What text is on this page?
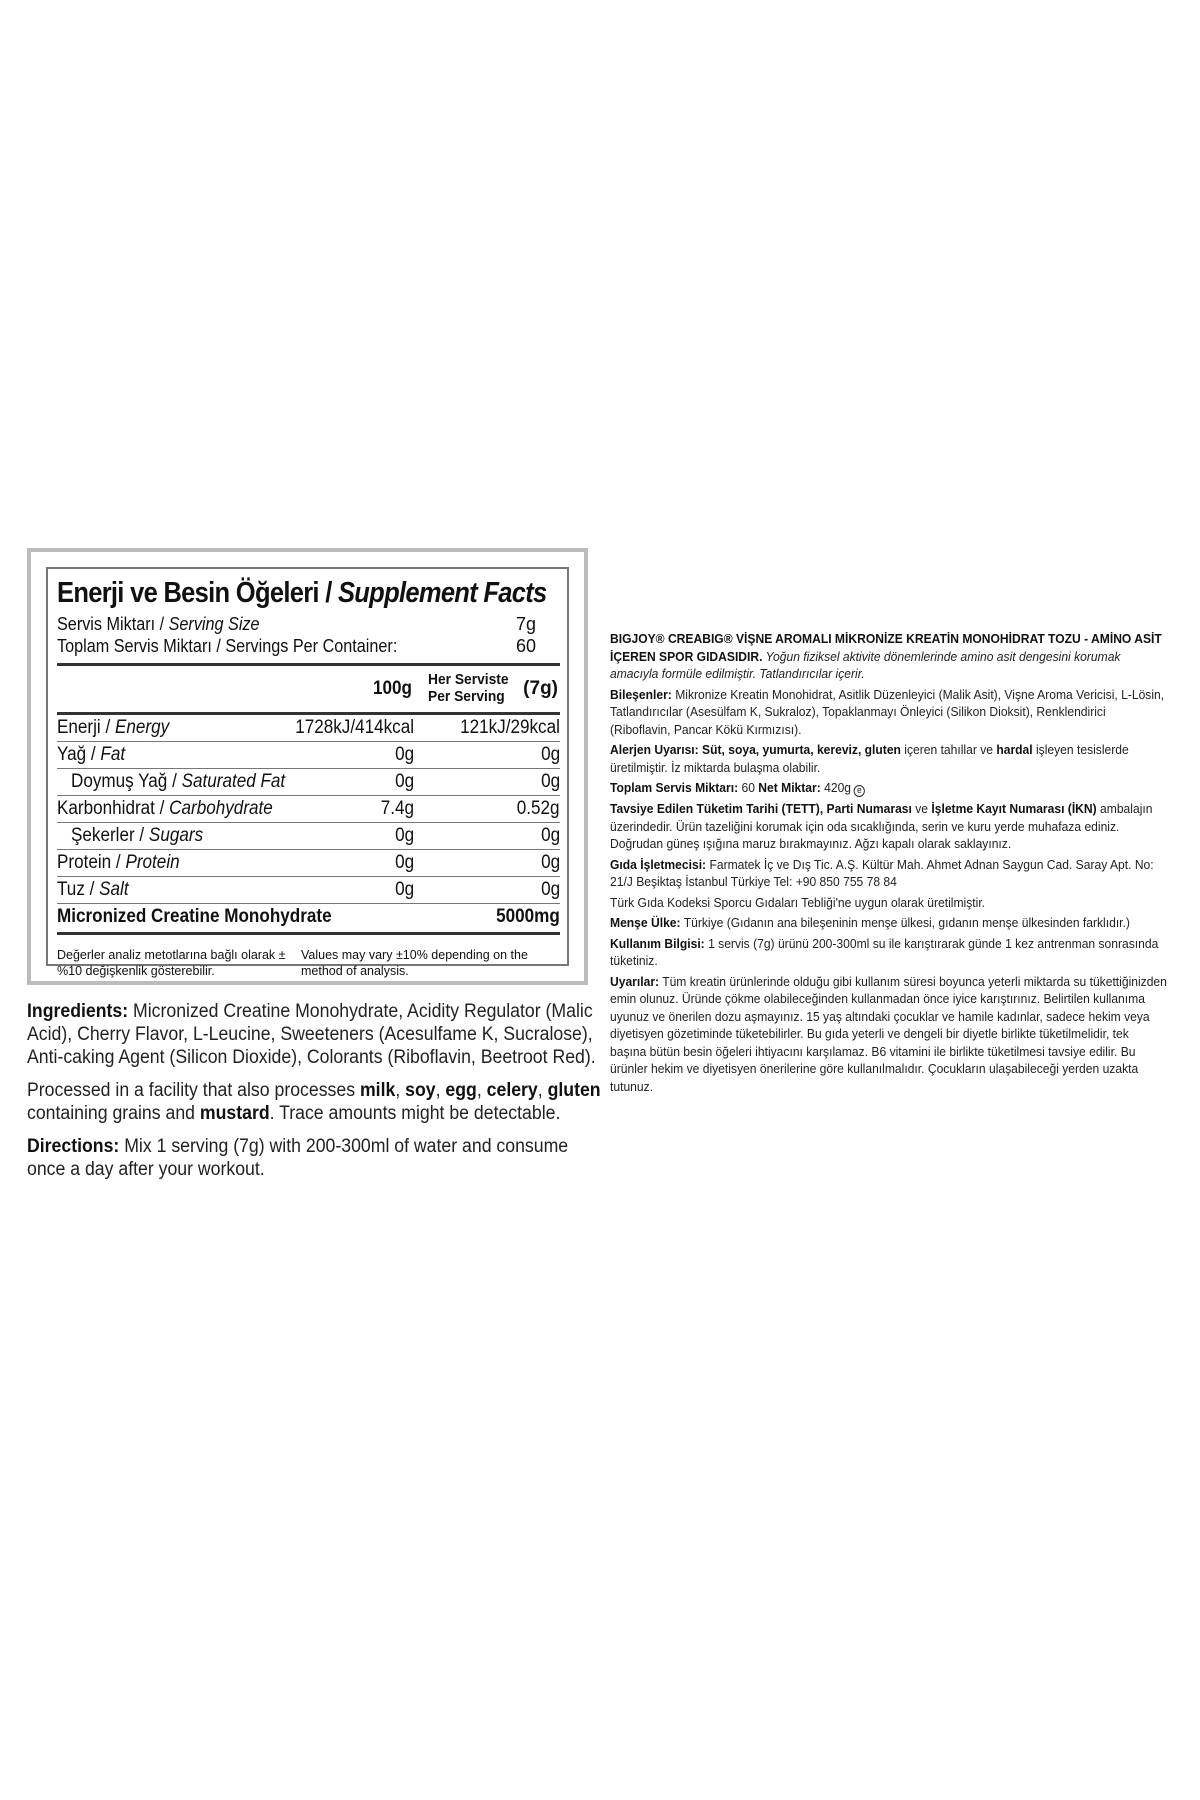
Enerji ve Besin Öğeleri / Supplement Facts
Servis Miktarı / Serving Size	7g
Toplam Servis Miktarı / Servings Per Container:	60
100g Her Serviste
Per Serving (7g)
Enerji / Energy	1728kJ/414kcal 121kJ/29kcal
Yağ / Fat	0g	0g
Doymuş Yağ / Saturated Fat	0g	0g
Karbonhidrat / Carbohydrate	7.4g	0.52g
Şekerler / Sugars	0g	0g
Protein / Protein	0g	0g
Tuz / Salt	0g	0g
Micronized Creatine Monohydrate	5000mg
Değerler analiz metotlarına bağlı olarak ±%10 değişkenlik gösterebilir.
Values may vary ±10% depending on the method of analysis.

Ingredients: Micronized Creatine Monohydrate, Acidity Regulator (Malic Acid), Cherry Flavor, L-Leucine, Sweeteners (Acesulfame K, Sucralose), Anti-caking Agent (Silicon Dioxide), Colorants (Riboflavin, Beetroot Red).

Processed in a facility that also processes milk, soy, egg, celery, gluten containing grains and mustard. Trace amounts might be detectable.

Directions: Mix 1 serving (7g) with 200-300ml of water and consume once a day after your workout.

BIGJOY® CREABIG® VİŞNE AROMALI MİKRONİZE KREATİN MONOHİDRAT TOZU - AMİNO ASİT İÇEREN SPOR GIDASIDIR. Yoğun fiziksel aktivite dönemlerinde amino asit dengesini korumak amacıyla formüle edilmiştir. Tatlandırıcılar içerir.

Bileşenler: Mikronize Kreatin Monohidrat, Asitlik Düzenleyici (Malik Asit), Vişne Aroma Vericisi, L-Lösin, Tatlandırıcılar (Asesülfam K, Sukraloz), Topaklanmayı Önleyici (Silikon Dioksit), Renklendirici (Riboflavin, Pancar Kökü Kırmızısı).

Alerjen Uyarısı: Süt, soya, yumurta, kereviz, gluten içeren tahıllar ve hardal işleyen tesislerde üretilmiştir. İz miktarda bulaşma olabilir.

Toplam Servis Miktarı: 60 Net Miktar: 420g e

Tavsiye Edilen Tüketim Tarihi (TETT), Parti Numarası ve İşletme Kayıt Numarası (İKN) ambalajın üzerindedir. Ürün tazeliğini korumak için oda sıcaklığında, serin ve kuru yerde muhafaza ediniz. Doğrudan güneş ışığına maruz bırakmayınız. Ağzı kapalı olarak saklayınız.

Gıda İşletmecisi: Farmatek İç ve Dış Tic. A.Ş. Kültür Mah. Ahmet Adnan Saygun Cad. Saray Apt. No: 21/J Beşiktaş İstanbul Türkiye Tel: +90 850 755 78 84

Türk Gıda Kodeksi Sporcu Gıdaları Tebliği'ne uygun olarak üretilmiştir.

Menşe Ülke: Türkiye (Gıdanın ana bileşeninin menşe ülkesi, gıdanın menşe ülkesinden farklıdır.)

Kullanım Bilgisi: 1 servis (7g) ürünü 200-300ml su ile karıştırarak günde 1 kez antrenman sonrasında tüketiniz.

Uyarılar: Tüm kreatin ürünlerinde olduğu gibi kullanım süresi boyunca yeterli miktarda su tükettiğinizden emin olunuz. Üründe çökme olabileceğinden kullanmadan önce iyice karıştırınız. Belirtilen kullanıma uyunuz ve önerilen dozu aşmayınız. 15 yaş altındaki çocuklar ve hamile kadınlar, sadece hekim veya diyetisyen gözetiminde tüketebilirler. Bu gıda yeterli ve dengeli bir diyetle birlikte tüketilmelidir, tek başına bütün besin öğeleri ihtiyacını karşılamaz. B6 vitamini ile birlikte tüketilmesi tavsiye edilir. Bu ürünler hekim ve diyetisyen önerilerine göre kullanılmalıdır. Çocukların ulaşabileceği yerden uzakta tutunuz.
